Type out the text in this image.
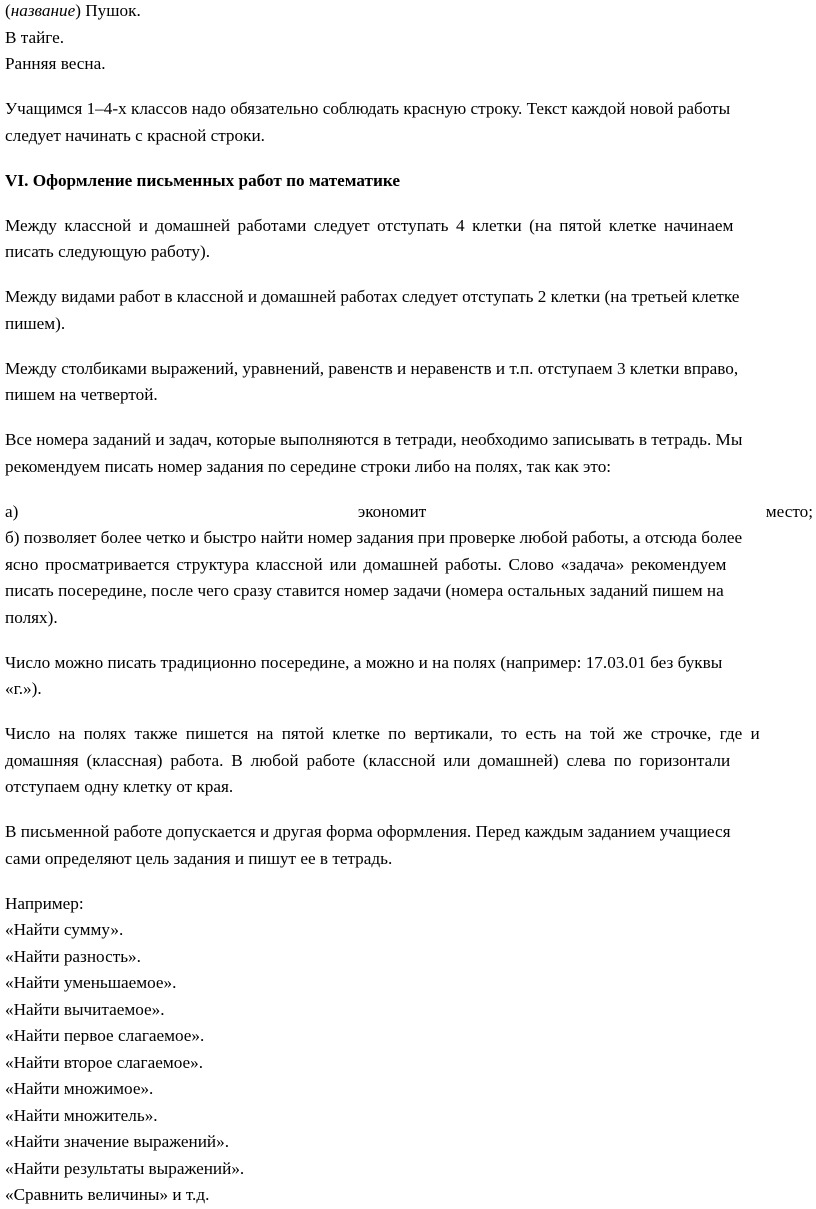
(название) Пушок.
В тайге.
Ранняя весна.
Учащимся 1–4-х классов надо обязательно соблюдать красную строку. Текст каждой новой работы
следует начинать с красной строки.
VI. Оформление письменных работ по математике
Между классной и домашней работами следует отступать 4 клетки (на пятой клетке начинаем
писать следующую работу).
Между видами работ в классной и домашней работах следует отступать 2 клетки (на третьей клетке
пишем).
Между столбиками выражений, уравнений, равенств и неравенств и т.п. отступаем 3 клетки вправо,
пишем на четвертой.
Все номера заданий и задач, которые выполняются в тетради, необходимо записывать в тетрадь. Мы
рекомендуем писать номер задания по середине строки либо на полях, так как это:
а)	экономит	место;
б) позволяет более четко и быстро найти номер задания при проверке любой работы, а отсюда более
ясно просматривается структура классной или домашней работы. Слово «задача» рекомендуем
писать посередине, после чего сразу ставится номер задачи (номера остальных заданий пишем на
полях).
Число можно писать традиционно посередине, а можно и на полях (например: 17.03.01 без буквы
«г.»).
Число на полях также пишется на пятой клетке по вертикали, то есть на той же строчке, где и
домашняя (классная) работа. В любой работе (классной или домашней) слева по горизонтали
отступаем одну клетку от края.
В письменной работе допускается и другая форма оформления. Перед каждым заданием учащиеся
сами определяют цель задания и пишут ее в тетрадь.
Например:
«Найти сумму».
«Найти разность».
«Найти уменьшаемое».
«Найти вычитаемое».
«Найти первое слагаемое».
«Найти второе слагаемое».
«Найти множимое».
«Найти множитель».
«Найти значение выражений».
«Найти результаты выражений».
«Сравнить величины» и т.д.
